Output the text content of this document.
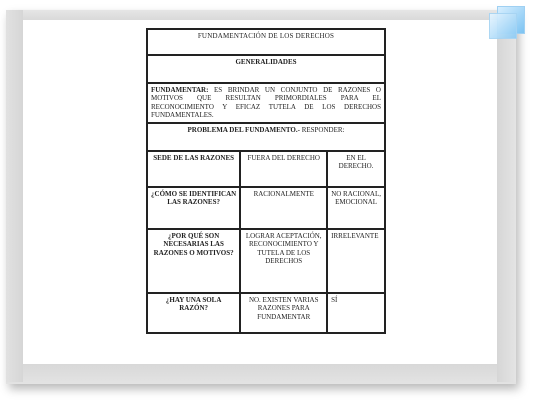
FUNDAMENTACIÓN DE LOS DERECHOS		
GENERALIDADES		
FUNDAMENTAR: ES BRINDAR UN CONJUNTO DE RAZONES O MOTIVOS QUE RESULTAN PRIMORDIALES PARA EL RECONOCIMIENTO Y EFICAZ TUTELA DE LOS DERECHOS FUNDAMENTALES.		
PROBLEMA DEL FUNDAMENTO.- RESPONDER:		
SEDE DE LAS RAZONES	FUERA DEL DERECHO	EN EL DERECHO.
¿CÓMO SE IDENTIFICAN LAS RAZONES?	RACIONALMENTE	NO RACIONAL, EMOCIONAL
¿POR QUÉ SON NECESARIAS LAS RAZONES O MOTIVOS?	LOGRAR ACEPTACIÓN, RECONOCIMIENTO Y TUTELA DE LOS DERECHOS	IRRELEVANTE
¿HAY UNA SOLA RAZÓN?	NO. EXISTEN VARIAS RAZONES PARA FUNDAMENTAR	SÍ
